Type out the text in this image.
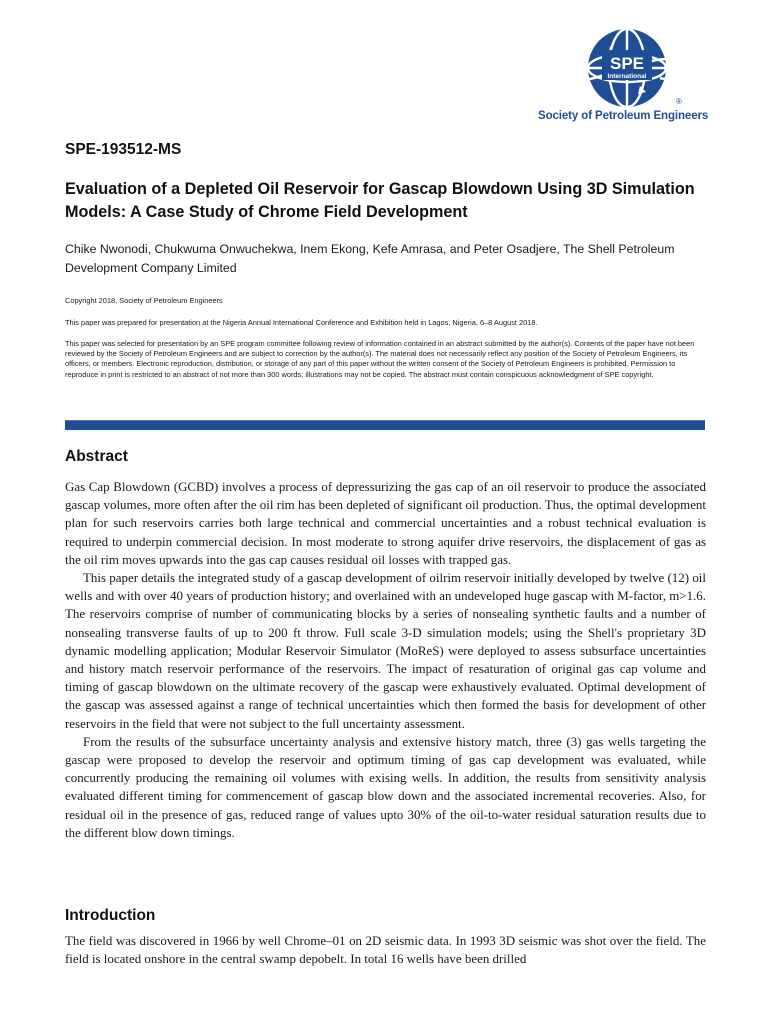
SPE
International
®
Society of Petroleum Engineers
SPE-193512-MS
Evaluation of a Depleted Oil Reservoir for Gascap Blowdown Using 3D Simulation Models: A Case Study of Chrome Field Development
Chike Nwonodi, Chukwuma Onwuchekwa, Inem Ekong, Kefe Amrasa, and Peter Osadjere, The Shell Petroleum Development Company Limited
Copyright 2018, Society of Petroleum Engineers
This paper was prepared for presentation at the Nigeria Annual International Conference and Exhibition held in Lagos, Nigeria, 6–8 August 2018.
This paper was selected for presentation by an SPE program committee following review of information contained in an abstract submitted by the author(s). Contents of the paper have not been reviewed by the Society of Petroleum Engineers and are subject to correction by the author(s). The material does not necessarily reflect any position of the Society of Petroleum Engineers, its officers, or members. Electronic reproduction, distribution, or storage of any part of this paper without the written consent of the Society of Petroleum Engineers is prohibited. Permission to reproduce in print is restricted to an abstract of not more than 300 words; illustrations may not be copied. The abstract must contain conspicuous acknowledgment of SPE copyright.
Abstract

Gas Cap Blowdown (GCBD) involves a process of depressurizing the gas cap of an oil reservoir to produce the associated gascap volumes, more often after the oil rim has been depleted of significant oil production. Thus, the optimal development plan for such reservoirs carries both large technical and commercial uncertainties and a robust technical evaluation is required to underpin commercial decision. In most moderate to strong aquifer drive reservoirs, the displacement of gas as the oil rim moves upwards into the gas cap causes residual oil losses with trapped gas.

This paper details the integrated study of a gascap development of oilrim reservoir initially developed by twelve (12) oil wells and with over 40 years of production history; and overlained with an undeveloped huge gascap with M-factor, m>1.6. The reservoirs comprise of number of communicating blocks by a series of nonsealing synthetic faults and a number of nonsealing transverse faults of up to 200 ft throw. Full scale 3-D simulation models; using the Shell's proprietary 3D dynamic modelling application; Modular Reservoir Simulator (MoReS) were deployed to assess subsurface uncertainties and history match reservoir performance of the reservoirs. The impact of resaturation of original gas cap volume and timing of gascap blowdown on the ultimate recovery of the gascap were exhaustively evaluated. Optimal development of the gascap was assessed against a range of technical uncertainties which then formed the basis for development of other reservoirs in the field that were not subject to the full uncertainty assessment.

From the results of the subsurface uncertainty analysis and extensive history match, three (3) gas wells targeting the gascap were proposed to develop the reservoir and optimum timing of gas cap development was evaluated, while concurrently producing the remaining oil volumes with exising wells. In addition, the results from sensitivity analysis evaluated different timing for commencement of gascap blow down and the associated incremental recoveries. Also, for residual oil in the presence of gas, reduced range of values upto 30% of the oil-to-water residual saturation results due to the different blow down timings.

Introduction

The field was discovered in 1966 by well Chrome–01 on 2D seismic data. In 1993 3D seismic was shot over the field. The field is located onshore in the central swamp depobelt. In total 16 wells have been drilled
